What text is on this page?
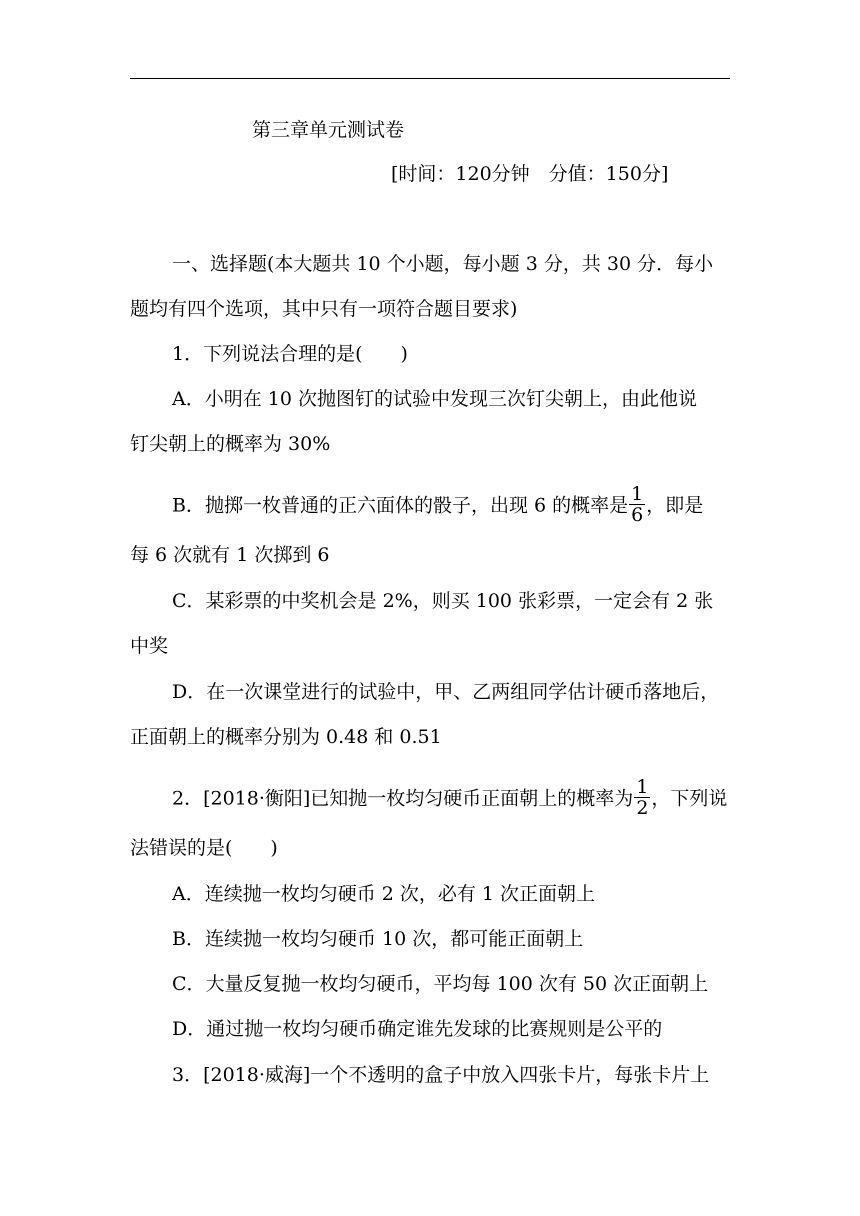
第三章单元测试卷
[时间：120分钟　分值：150分]
一、选择题(本大题共 10 个小题，每小题 3 分，共 30 分．每小
题均有四个选项，其中只有一项符合题目要求)
1．下列说法合理的是(　　)
A．小明在 10 次抛图钉的试验中发现三次钉尖朝上，由此他说
钉尖朝上的概率为 30%
B．抛掷一枚普通的正六面体的骰子，出现 6 的概率是 $\frac{1}{6}$ ，即是
每 6 次就有 1 次掷到 6
C．某彩票的中奖机会是 2%，则买 100 张彩票，一定会有 2 张
中奖
D．在一次课堂进行的试验中，甲、乙两组同学估计硬币落地后，
正面朝上的概率分别为 0.48 和 0.51
2．[2018·衡阳]已知抛一枚均匀硬币正面朝上的概率为 $\frac{1}{2}$ ，下列说
法错误的是(　　)
A．连续抛一枚均匀硬币 2 次，必有 1 次正面朝上
B．连续抛一枚均匀硬币 10 次，都可能正面朝上
C．大量反复抛一枚均匀硬币，平均每 100 次有 50 次正面朝上
D．通过抛一枚均匀硬币确定谁先发球的比赛规则是公平的
3．[2018·威海]一个不透明的盒子中放入四张卡片，每张卡片上
